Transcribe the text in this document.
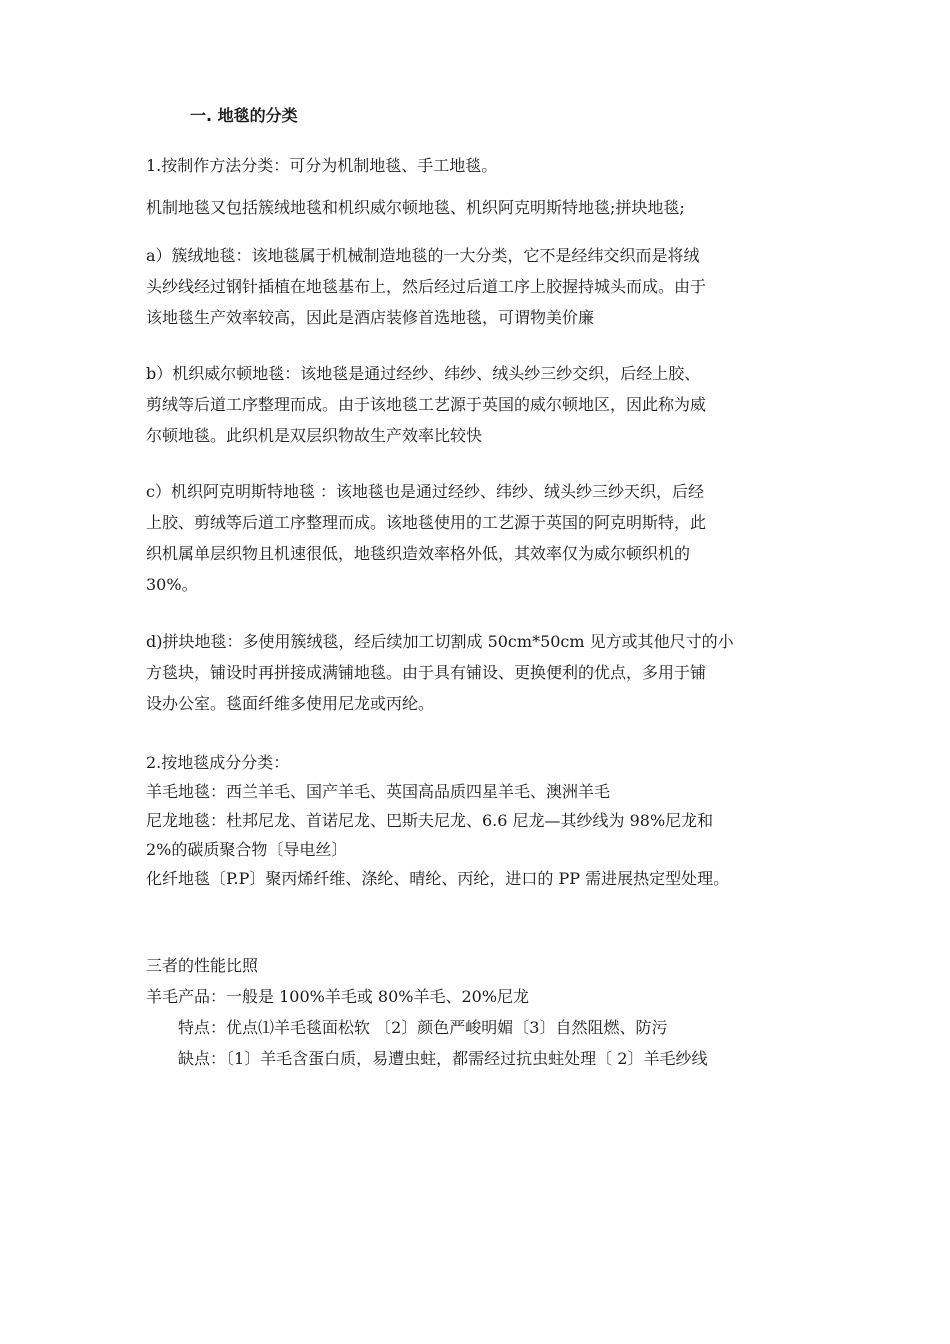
一. 地毯的分类
1.按制作方法分类：可分为机制地毯、手工地毯。
机制地毯又包括簇绒地毯和机织威尔顿地毯、机织阿克明斯特地毯;拼块地毯;
a）簇绒地毯：该地毯属于机械制造地毯的一大分类，它不是经纬交织而是将绒
头纱线经过钢针插植在地毯基布上，然后经过后道工序上胶握持城头而成。由于
该地毯生产效率较高，因此是酒店装修首选地毯，可谓物美价廉
b）机织威尔顿地毯：该地毯是通过经纱、纬纱、绒头纱三纱交织，后经上胶、
剪绒等后道工序整理而成。由于该地毯工艺源于英国的威尔顿地区，因此称为威
尔顿地毯。此织机是双层织物故生产效率比较快
c）机织阿克明斯特地毯 ：该地毯也是通过经纱、纬纱、绒头纱三纱天织，后经
上胶、剪绒等后道工序整理而成。该地毯使用的工艺源于英国的阿克明斯特，此
织机属单层织物且机速很低，地毯织造效率格外低，其效率仅为威尔顿织机的
30%。
d)拼块地毯：多使用簇绒毯，经后续加工切割成 50cm*50cm 见方或其他尺寸的小
方毯块，铺设时再拼接成满铺地毯。由于具有铺设、更换便利的优点，多用于铺
设办公室。毯面纤维多使用尼龙或丙纶。
2.按地毯成分分类：
羊毛地毯：西兰羊毛、国产羊毛、英国高品质四星羊毛、澳洲羊毛
尼龙地毯：杜邦尼龙、首诺尼龙、巴斯夫尼龙、6.6 尼龙—其纱线为 98%尼龙和
2%的碳质聚合物〔导电丝〕
化纤地毯〔P.P〕聚丙烯纤维、涤纶、晴纶、丙纶，进口的 PP 需进展热定型处理。
三者的性能比照
羊毛产品：一般是 100%羊毛或 80%羊毛、20%尼龙
特点：优点⑴羊毛毯面松软 〔2〕颜色严峻明媚〔3〕自然阻燃、防污
缺点：〔1〕羊毛含蛋白质，易遭虫蛀，都需经过抗虫蛀处理〔 2〕羊毛纱线
